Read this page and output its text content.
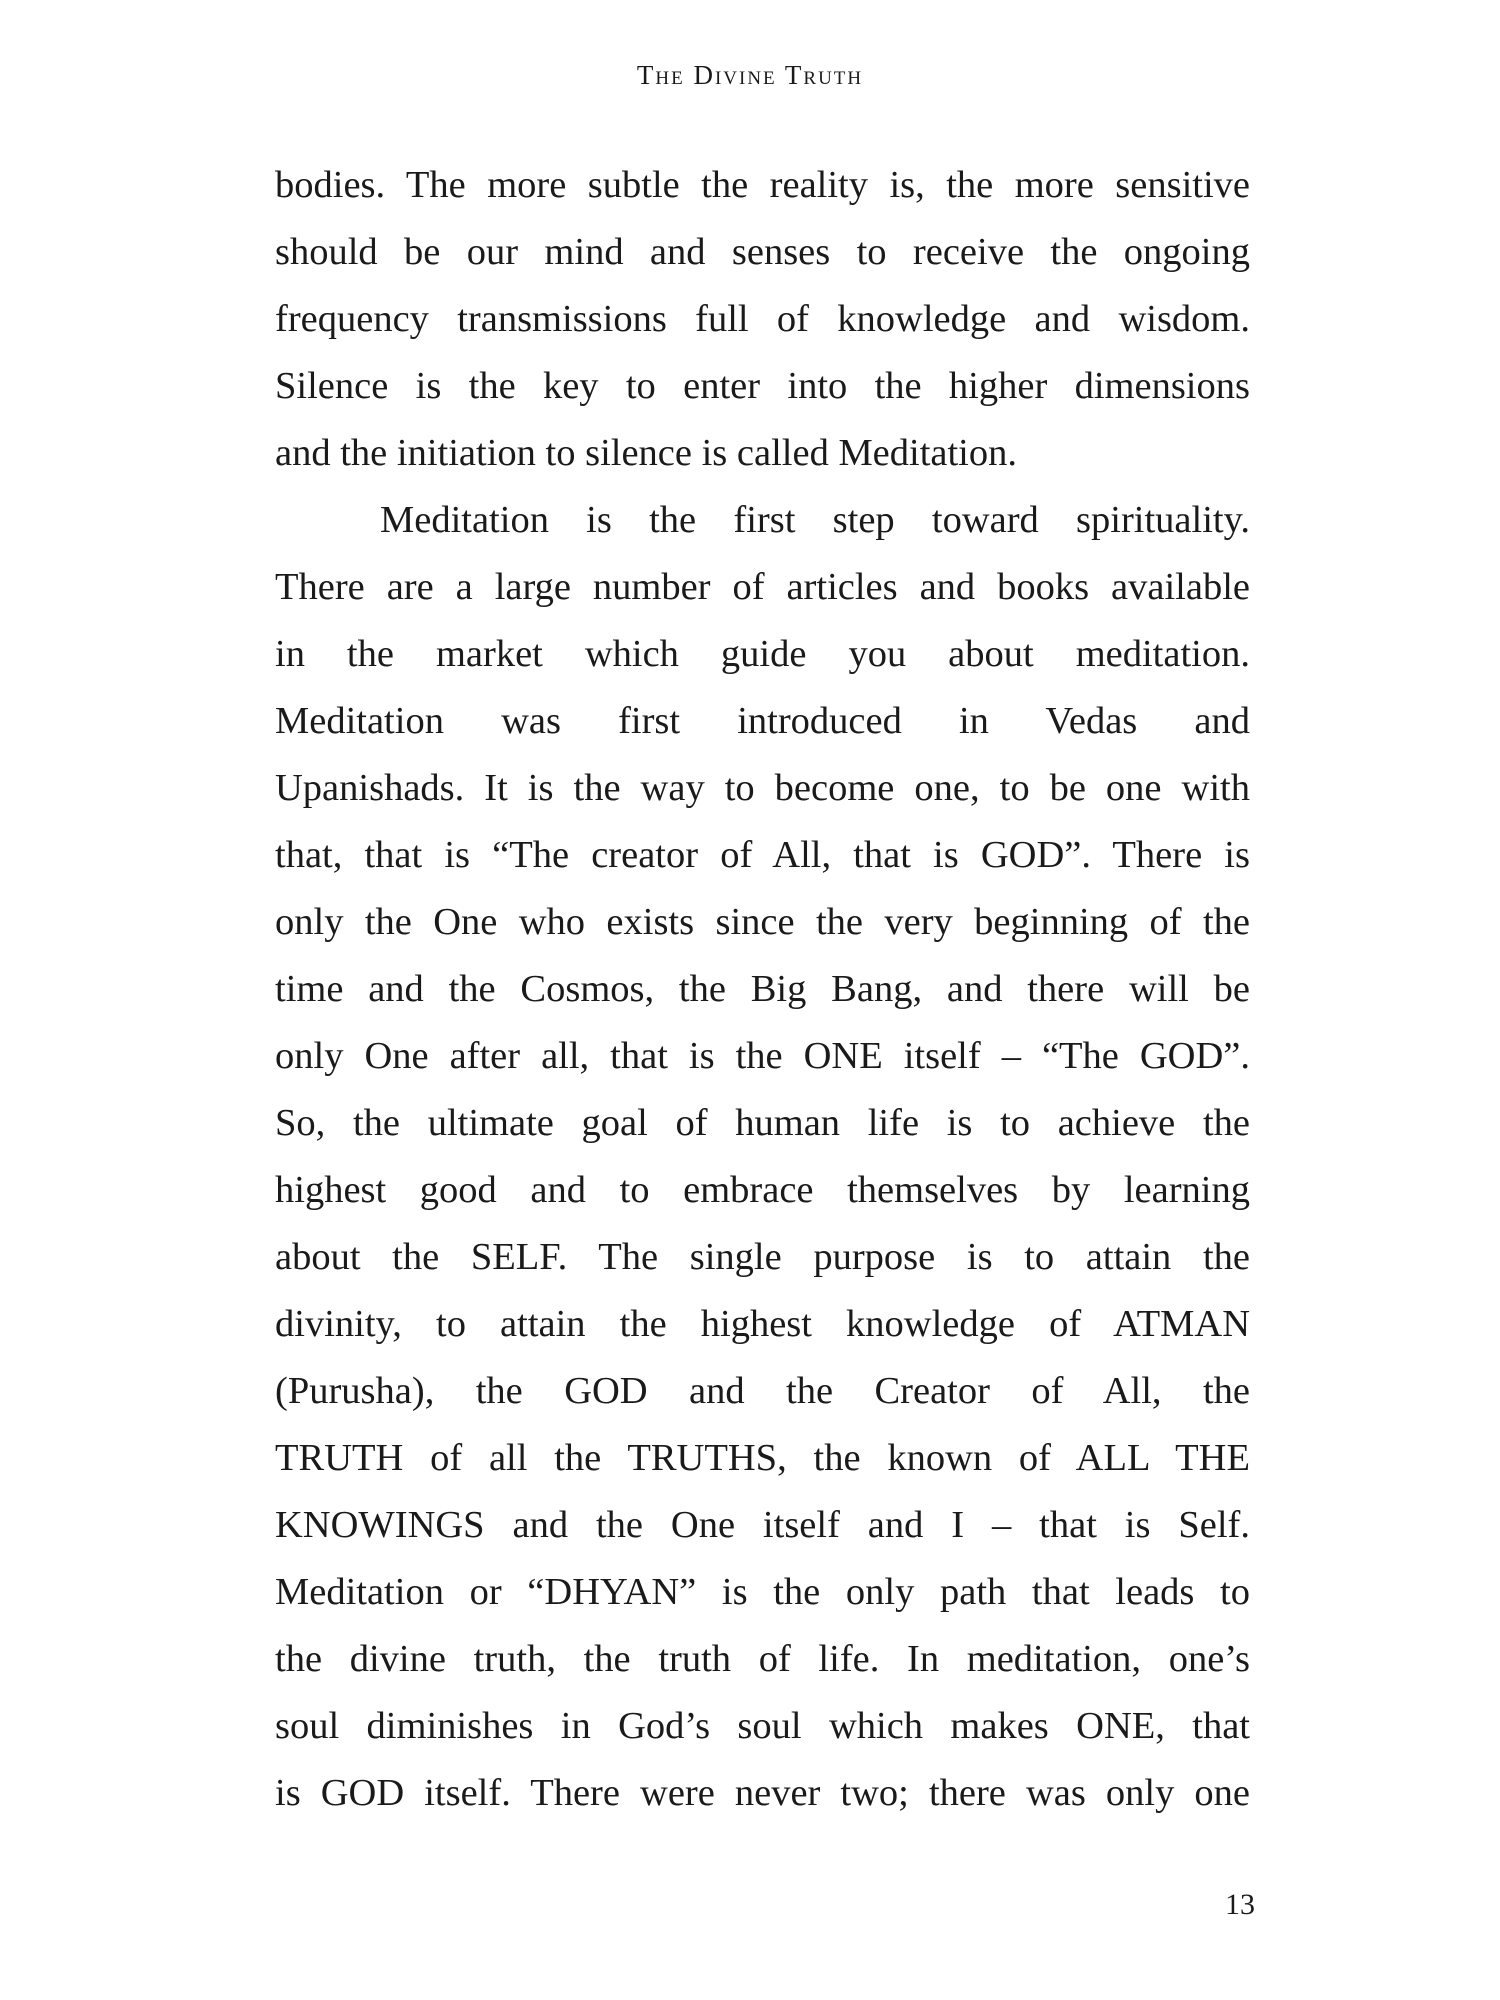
The Divine Truth
bodies. The more subtle the reality is, the more sensitive
should be our mind and senses to receive the ongoing
frequency transmissions full of knowledge and wisdom.
Silence is the key to enter into the higher dimensions
and the initiation to silence is called Meditation.
Meditation is the first step toward spirituality.
There are a large number of articles and books available
in the market which guide you about meditation.
Meditation was first introduced in Vedas and
Upanishads. It is the way to become one, to be one with
that, that is “The creator of All, that is GOD”. There is
only the One who exists since the very beginning of the
time and the Cosmos, the Big Bang, and there will be
only One after all, that is the ONE itself – “The GOD”.
So, the ultimate goal of human life is to achieve the
highest good and to embrace themselves by learning
about the SELF. The single purpose is to attain the
divinity, to attain the highest knowledge of ATMAN
(Purusha), the GOD and the Creator of All, the
TRUTH of all the TRUTHS, the known of ALL THE
KNOWINGS and the One itself and I – that is Self.
Meditation or “DHYAN” is the only path that leads to
the divine truth, the truth of life. In meditation, one’s
soul diminishes in God’s soul which makes ONE, that
is GOD itself. There were never two; there was only one
13
